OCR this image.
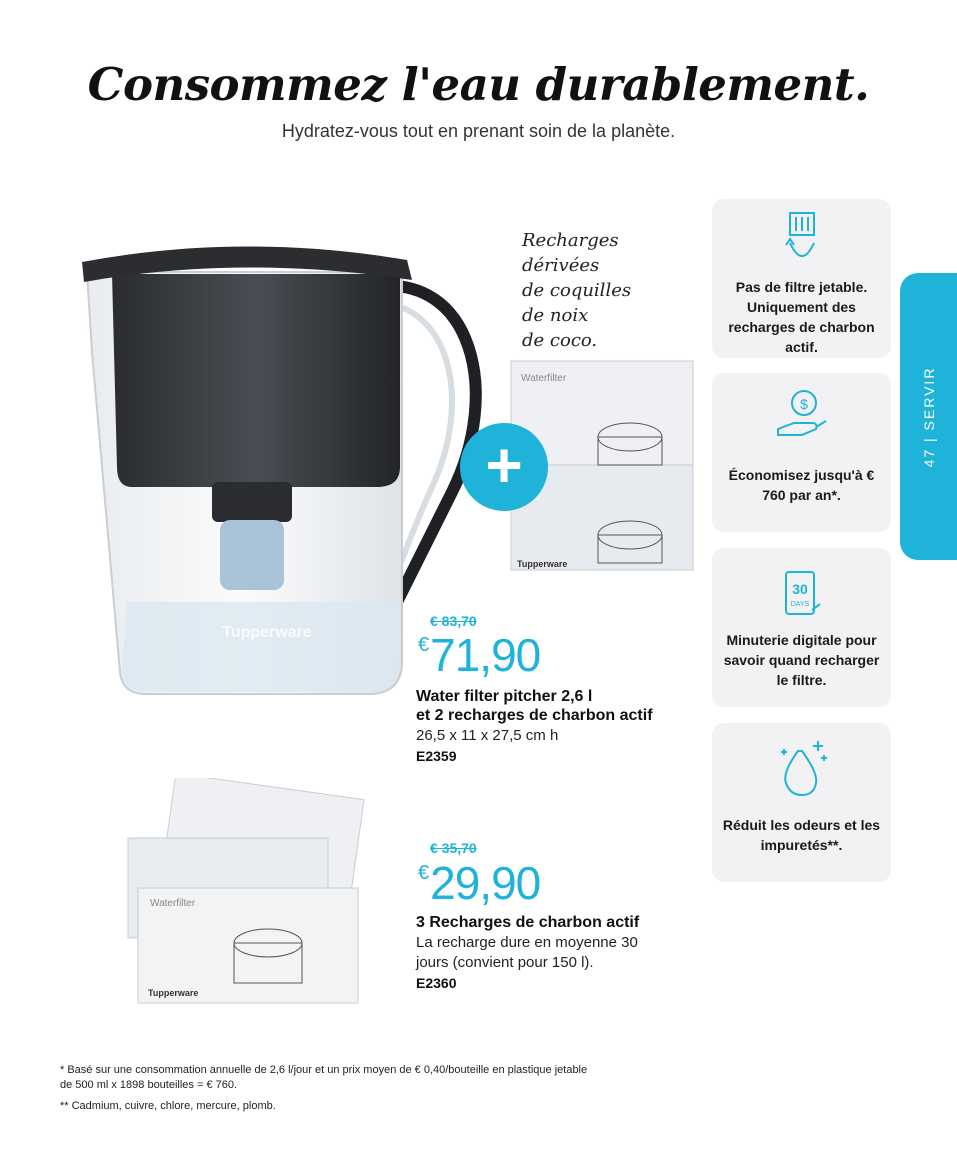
Consommez l'eau durablement.
Hydratez-vous tout en prenant soin de la planète.
47 | SERVIR
Tupperware
Waterfilter
Tupperware
Waterfilter
Tupperware
+
Recharges
dérivées
de coquilles
de noix
de coco.
€ 83,70
€71,90
Water filter pitcher 2,6 l
et 2 recharges de charbon actif
26,5 x 11 x 27,5 cm h
E2359
€ 35,70
€29,90
3 Recharges de charbon actif
La recharge dure en moyenne 30
jours (convient pour 150 l).
E2360
Pas de filtre jetable. Uniquement des recharges de charbon actif.
$
Économisez jusqu'à € 760 par an*.
30
DAYS
Minuterie digitale pour savoir quand recharger le filtre.
Réduit les odeurs et les impuretés**.
* Basé sur une consommation annuelle de 2,6 l/jour et un prix moyen de € 0,40/bouteille en plastique jetable
de 500 ml x 1898 bouteilles = € 760.
** Cadmium, cuivre, chlore, mercure, plomb.
